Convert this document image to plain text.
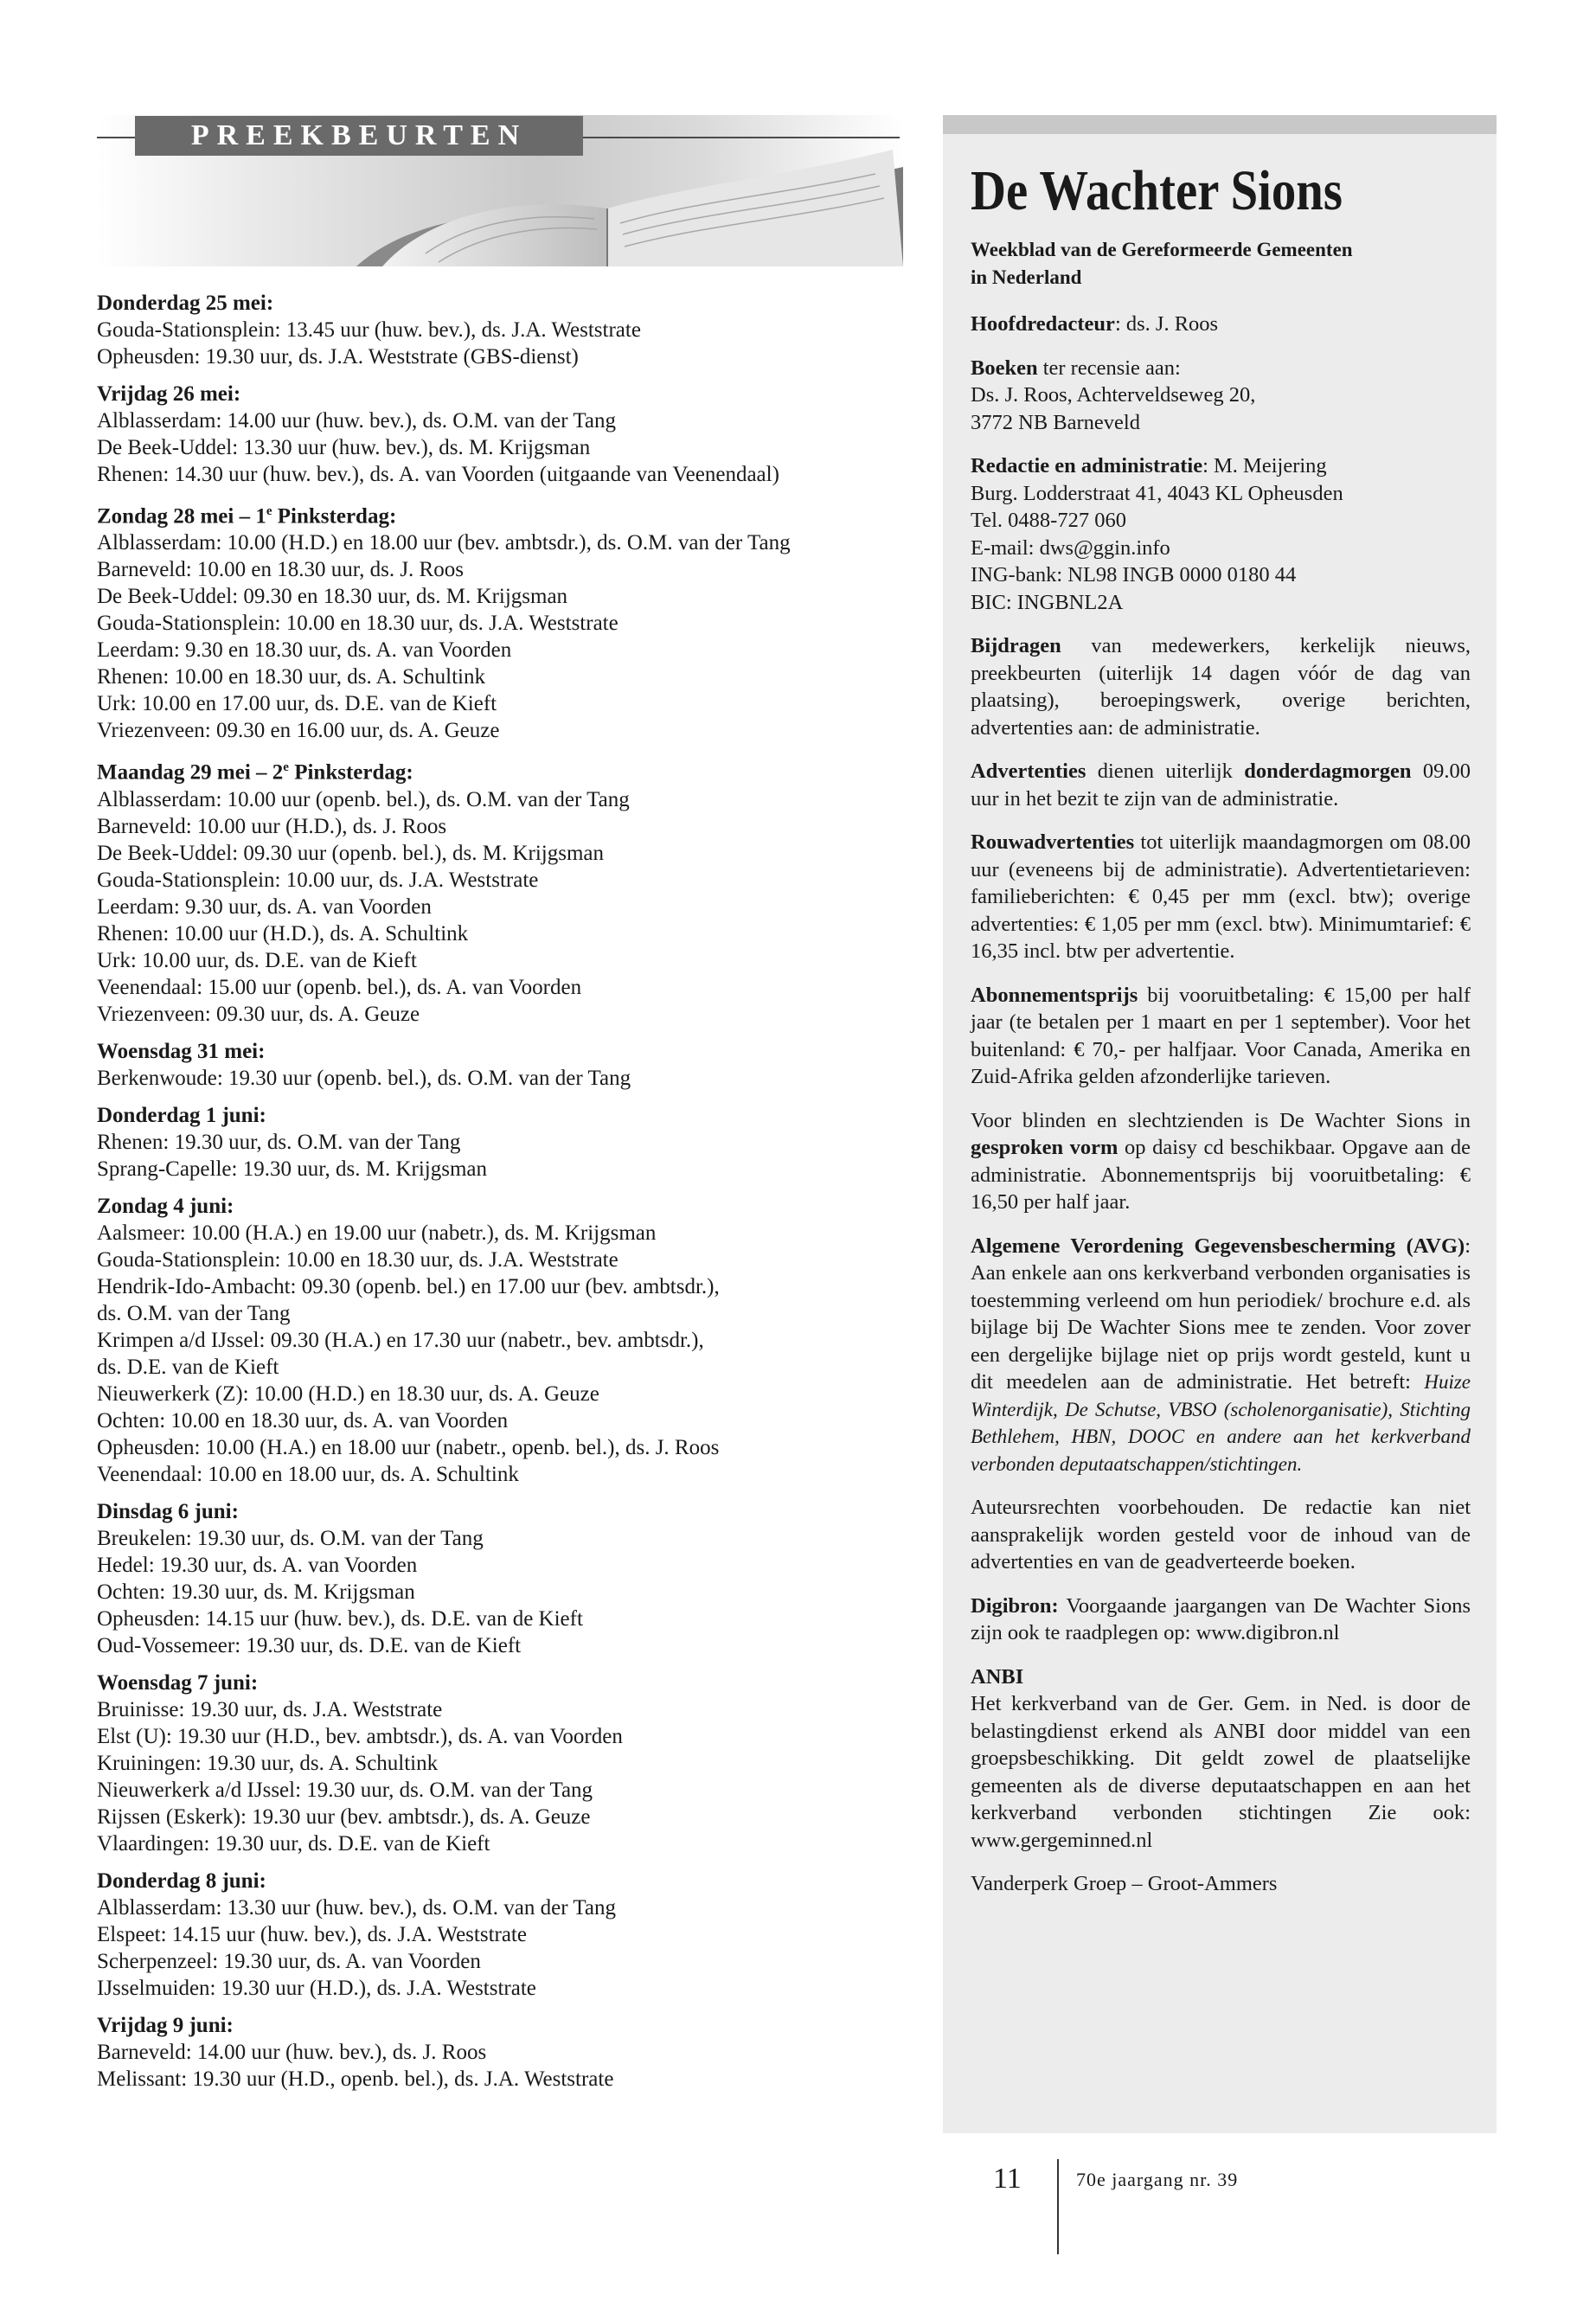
PREEKBEURTEN
Donderdag 25 mei:
Gouda-Stationsplein: 13.45 uur (huw. bev.), ds. J.A. Weststrate
Opheusden: 19.30 uur, ds. J.A. Weststrate (GBS-dienst)
Vrijdag 26 mei:
Alblasserdam: 14.00 uur (huw. bev.), ds. O.M. van der Tang
De Beek-Uddel: 13.30 uur (huw. bev.), ds. M. Krijgsman
Rhenen: 14.30 uur (huw. bev.), ds. A. van Voorden (uitgaande van Veenendaal)
Zondag 28 mei – 1e Pinksterdag:
Alblasserdam: 10.00 (H.D.) en 18.00 uur (bev. ambtsdr.), ds. O.M. van der Tang
Barneveld: 10.00 en 18.30 uur, ds. J. Roos
De Beek-Uddel: 09.30 en 18.30 uur, ds. M. Krijgsman
Gouda-Stationsplein: 10.00 en 18.30 uur, ds. J.A. Weststrate
Leerdam: 9.30 en 18.30 uur, ds. A. van Voorden
Rhenen: 10.00 en 18.30 uur, ds. A. Schultink
Urk: 10.00 en 17.00 uur, ds. D.E. van de Kieft
Vriezenveen: 09.30 en 16.00 uur, ds. A. Geuze
Maandag 29 mei – 2e Pinksterdag:
Alblasserdam: 10.00 uur (openb. bel.), ds. O.M. van der Tang
Barneveld: 10.00 uur (H.D.), ds. J. Roos
De Beek-Uddel: 09.30 uur (openb. bel.), ds. M. Krijgsman
Gouda-Stationsplein: 10.00 uur, ds. J.A. Weststrate
Leerdam: 9.30 uur, ds. A. van Voorden
Rhenen: 10.00 uur (H.D.), ds. A. Schultink
Urk: 10.00 uur, ds. D.E. van de Kieft
Veenendaal: 15.00 uur (openb. bel.), ds. A. van Voorden
Vriezenveen: 09.30 uur, ds. A. Geuze
Woensdag 31 mei:
Berkenwoude: 19.30 uur (openb. bel.), ds. O.M. van der Tang
Donderdag 1 juni:
Rhenen: 19.30 uur, ds. O.M. van der Tang
Sprang-Capelle: 19.30 uur, ds. M. Krijgsman
Zondag 4 juni:
Aalsmeer: 10.00 (H.A.) en 19.00 uur (nabetr.), ds. M. Krijgsman
Gouda-Stationsplein: 10.00 en 18.30 uur, ds. J.A. Weststrate
Hendrik-Ido-Ambacht: 09.30 (openb. bel.) en 17.00 uur (bev. ambtsdr.),
ds. O.M. van der Tang
Krimpen a/d IJssel: 09.30 (H.A.) en 17.30 uur (nabetr., bev. ambtsdr.),
ds. D.E. van de Kieft
Nieuwerkerk (Z): 10.00 (H.D.) en 18.30 uur, ds. A. Geuze
Ochten: 10.00 en 18.30 uur, ds. A. van Voorden
Opheusden: 10.00 (H.A.) en 18.00 uur (nabetr., openb. bel.), ds. J. Roos
Veenendaal: 10.00 en 18.00 uur, ds. A. Schultink
Dinsdag 6 juni:
Breukelen: 19.30 uur, ds. O.M. van der Tang
Hedel: 19.30 uur, ds. A. van Voorden
Ochten: 19.30 uur, ds. M. Krijgsman
Opheusden: 14.15 uur (huw. bev.), ds. D.E. van de Kieft
Oud-Vossemeer: 19.30 uur, ds. D.E. van de Kieft
Woensdag 7 juni:
Bruinisse: 19.30 uur, ds. J.A. Weststrate
Elst (U): 19.30 uur (H.D., bev. ambtsdr.), ds. A. van Voorden
Kruiningen: 19.30 uur, ds. A. Schultink
Nieuwerkerk a/d IJssel: 19.30 uur, ds. O.M. van der Tang
Rijssen (Eskerk): 19.30 uur (bev. ambtsdr.), ds. A. Geuze
Vlaardingen: 19.30 uur, ds. D.E. van de Kieft
Donderdag 8 juni:
Alblasserdam: 13.30 uur (huw. bev.), ds. O.M. van der Tang
Elspeet: 14.15 uur (huw. bev.), ds. J.A. Weststrate
Scherpenzeel: 19.30 uur, ds. A. van Voorden
IJsselmuiden: 19.30 uur (H.D.), ds. J.A. Weststrate
Vrijdag 9 juni:
Barneveld: 14.00 uur (huw. bev.), ds. J. Roos
Melissant: 19.30 uur (H.D., openb. bel.), ds. J.A. Weststrate
De Wachter Sions
Weekblad van de Gereformeerde Gemeenten
in Nederland
Hoofdredacteur: ds. J. Roos
Boeken ter recensie aan:
Ds. J. Roos, Achterveldseweg 20,
3772 NB Barneveld
Redactie en administratie: M. Meijering
Burg. Lodderstraat 41, 4043 KL Opheusden
Tel. 0488-727 060
E-mail: dws@ggin.info
ING-bank: NL98 INGB 0000 0180 44
BIC: INGBNL2A
Bijdragen van medewerkers, kerkelijk nieuws, preekbeurten (uiterlijk 14 dagen vóór de dag van plaatsing), beroepingswerk, overige berichten, advertenties aan: de administratie.
Advertenties dienen uiterlijk donderdagmorgen 09.00 uur in het bezit te zijn van de administratie.
Rouwadvertenties tot uiterlijk maandagmorgen om 08.00 uur (eveneens bij de administratie). Advertentietarieven: familieberichten: € 0,45 per mm (excl. btw); overige advertenties: € 1,05 per mm (excl. btw). Minimumtarief: € 16,35 incl. btw per advertentie.
Abonnementsprijs bij vooruitbetaling: € 15,00 per half jaar (te betalen per 1 maart en per 1 september). Voor het buitenland: € 70,- per halfjaar. Voor Canada, Amerika en Zuid-Afrika gelden afzonderlijke tarieven.
Voor blinden en slechtzienden is De Wachter Sions in gesproken vorm op daisy cd beschikbaar. Opgave aan de administratie. Abonnementsprijs bij vooruitbetaling: € 16,50 per half jaar.
Algemene Verordening Gegevensbescherming (AVG): Aan enkele aan ons kerkverband verbonden organisaties is toestemming verleend om hun periodiek/ brochure e.d. als bijlage bij De Wachter Sions mee te zenden. Voor zover een dergelijke bijlage niet op prijs wordt gesteld, kunt u dit meedelen aan de administratie. Het betreft: Huize Winterdijk, De Schutse, VBSO (scholenorganisatie), Stichting Bethlehem, HBN, DOOC en andere aan het kerkverband verbonden deputaatschappen/stichtingen.
Auteursrechten voorbehouden. De redactie kan niet aansprakelijk worden gesteld voor de inhoud van de advertenties en van de geadverteerde boeken.
Digibron: Voorgaande jaargangen van De Wachter Sions zijn ook te raadplegen op: www.digibron.nl
ANBI
Het kerkverband van de Ger. Gem. in Ned. is door de belastingdienst erkend als ANBI door middel van een groepsbeschikking. Dit geldt zowel de plaatselijke gemeenten als de diverse deputaatschappen en aan het kerkverband verbonden stichtingen Zie ook: www.gergeminned.nl
Vanderperk Groep – Groot-Ammers
11	70e jaargang nr. 39
